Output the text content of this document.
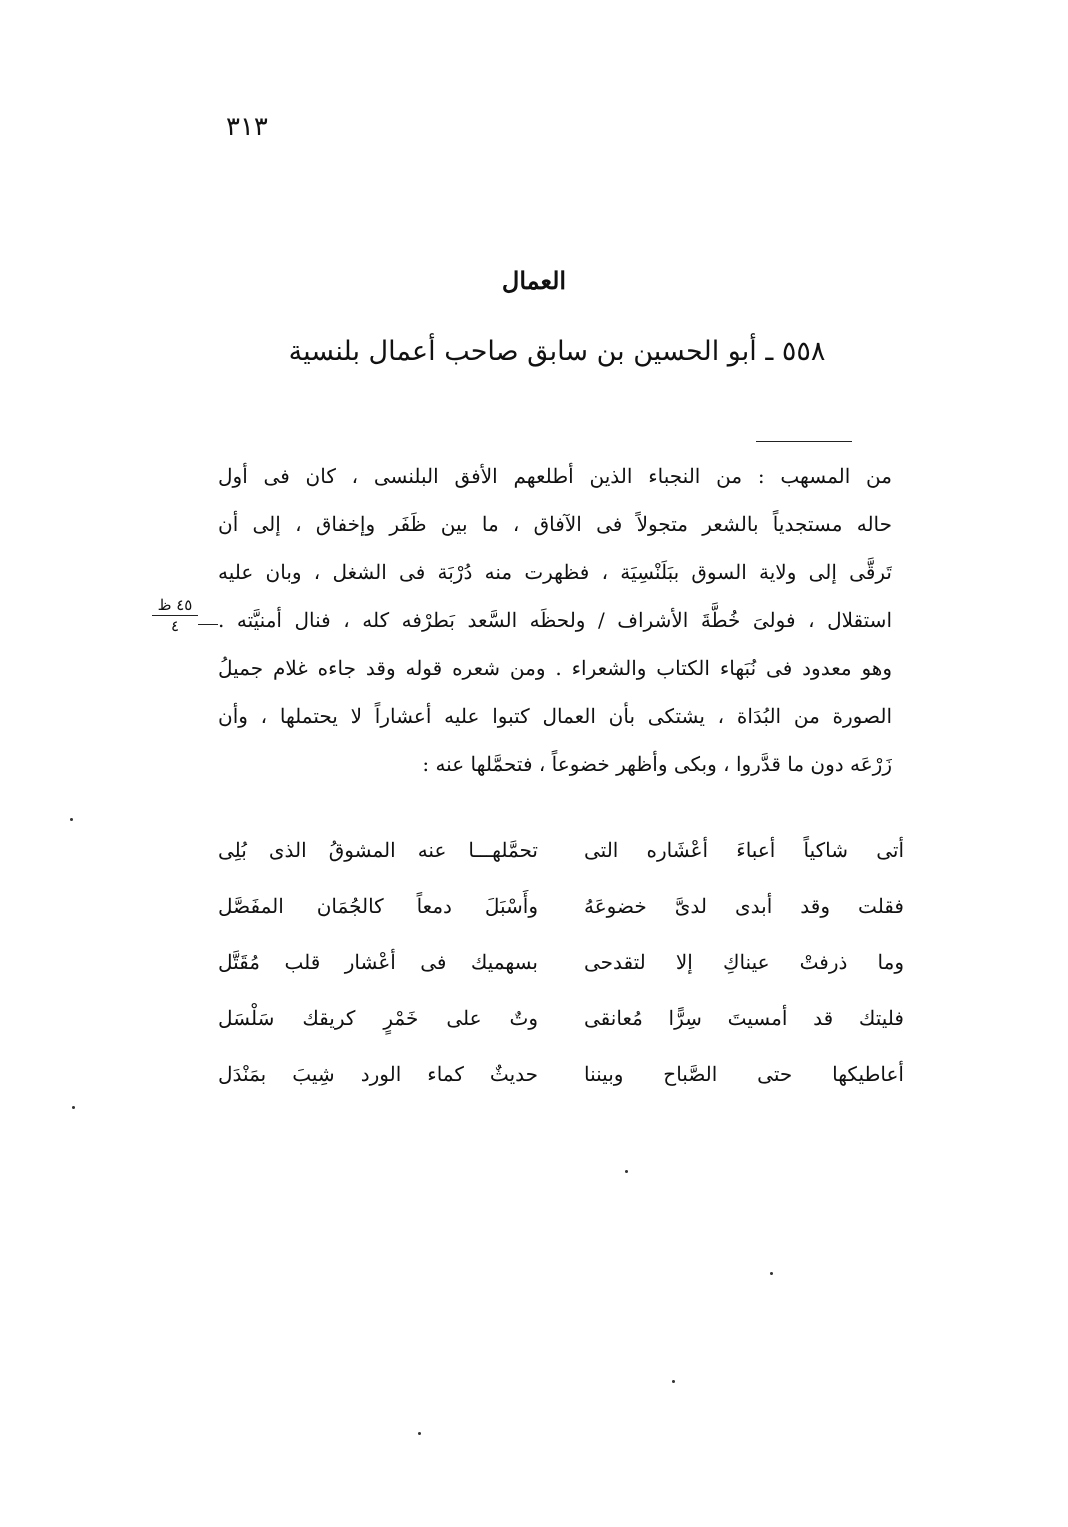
٣١٣
العمال
٥٥٨ ـ أبو الحسين بن سابق صاحب أعمال بلنسية
من المسهب : من النجباء الذين أطلعهم الأفق البلنسى ، كان فى أول
حاله مستجدياً بالشعر متجولاً فى الآفاق ، ما بين ظَفَر وإخفاق ، إلى أن
تَرقَّى إلى ولاية السوق ببَلَنْسِيَة ، فظهرت منه دُرْبَة فى الشغل ، وبان عليه
استقلال ، فولىَ خُطَّةَ الأشراف / ولحظَه السَّعد بَطرْفه كله ، فنال أمنيَّته .
وهو معدود فى نُبَهاء الكتاب والشعراء . ومن شعره قوله وقد جاءه غلام جميلُ
الصورة من البُدَاة ، يشتكى بأن العمال كتبوا عليه أعشاراً لا يحتملها ، وأن
زَرْعَه دون ما قدَّروا ، وبكى وأظهر خضوعاً ، فتحمَّلها عنه :
٤٥ ظ
٤
أتى شاكياً أعباءَ أعْشَاره التى
تحمَّلهـــا عنه المشوقُ الذى بُلِى
فقلت وقد أبدى لدىَّ خضوعَهُ
وأَسْبَلَ دمعاً كالجُمَان المفَصَّل
وما ذرفتْ عيناكِ إلا لتقدحى
بسهميك فى أعْشار قلب مُقَتَّل
فليتك قد أمسيتَ سِرًّا مُعانقى
وتٌ على خَمْرٍ كريقك سَلْسَل
أعاطيكها حتى الصَّباح وبيننا
حديثٌ كماء الورد شِيبَ بمَنْدَل
